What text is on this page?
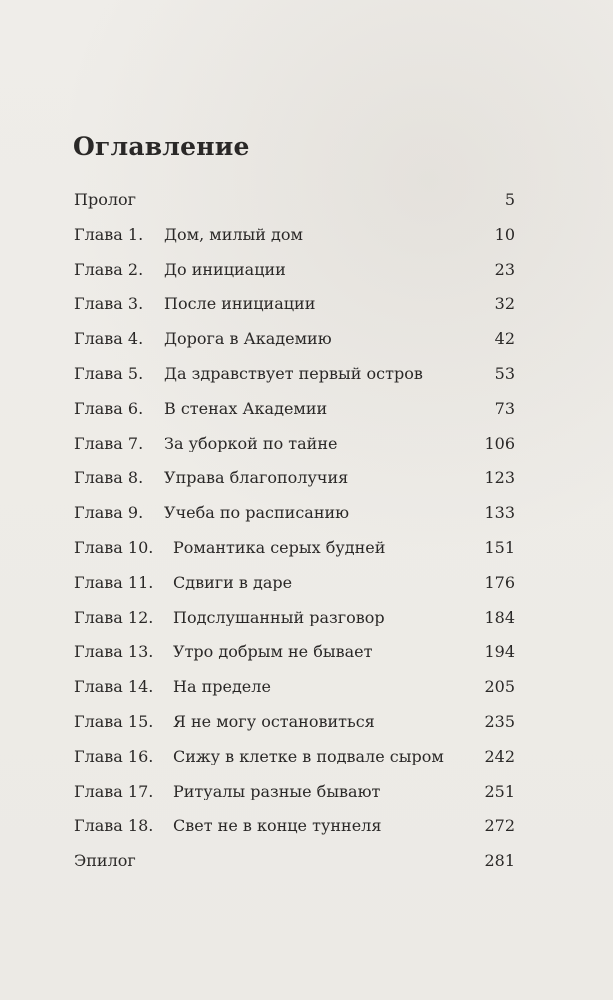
Оглавление
Пролог	5
Глава 1.	Дом, милый дом	10
Глава 2.	До инициации	23
Глава 3.	После инициации	32
Глава 4.	Дорога в Академию	42
Глава 5.	Да здравствует первый остров	53
Глава 6.	В стенах Академии	73
Глава 7.	За уборкой по тайне	106
Глава 8.	Управа благополучия	123
Глава 9.	Учеба по расписанию	133
Глава 10.	Романтика серых будней	151
Глава 11.	Сдвиги в даре	176
Глава 12.	Подслушанный разговор	184
Глава 13.	Утро добрым не бывает	194
Глава 14.	На пределе	205
Глава 15.	Я не могу остановиться	235
Глава 16.	Сижу в клетке в подвале сыром	242
Глава 17.	Ритуалы разные бывают	251
Глава 18.	Свет не в конце туннеля	272
Эпилог	281
